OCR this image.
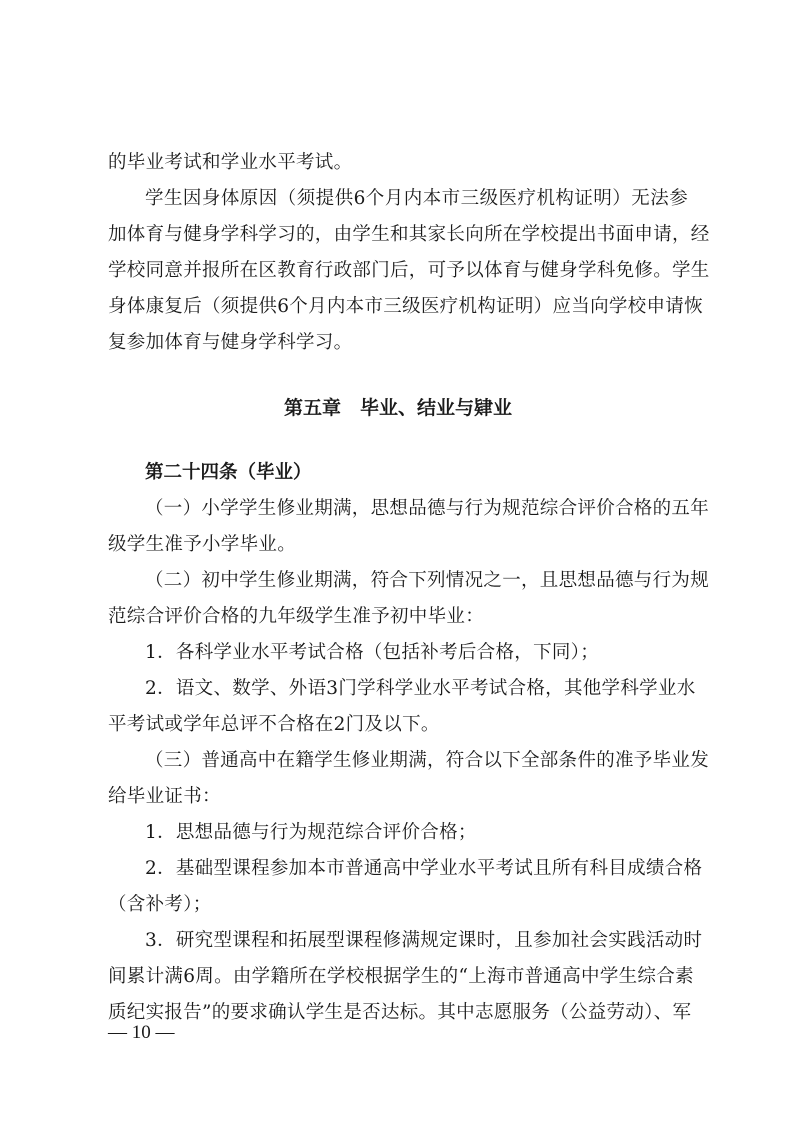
的毕业考试和学业水平考试。
学生因身体原因（须提供6个月内本市三级医疗机构证明）无法参
加体育与健身学科学习的，由学生和其家长向所在学校提出书面申请，经
学校同意并报所在区教育行政部门后，可予以体育与健身学科免修。学生
身体康复后（须提供6个月内本市三级医疗机构证明）应当向学校申请恢
复参加体育与健身学科学习。
第五章　毕业、结业与肄业
第二十四条（毕业）
（一）小学学生修业期满，思想品德与行为规范综合评价合格的五年
级学生准予小学毕业。
（二）初中学生修业期满，符合下列情况之一，且思想品德与行为规
范综合评价合格的九年级学生准予初中毕业：
1．各科学业水平考试合格（包括补考后合格，下同）；
2．语文、数学、外语3门学科学业水平考试合格，其他学科学业水
平考试或学年总评不合格在2门及以下。
（三）普通高中在籍学生修业期满，符合以下全部条件的准予毕业发
给毕业证书：
1．思想品德与行为规范综合评价合格；
2．基础型课程参加本市普通高中学业水平考试且所有科目成绩合格
（含补考）；
3．研究型课程和拓展型课程修满规定课时，且参加社会实践活动时
间累计满6周。由学籍所在学校根据学生的“上海市普通高中学生综合素
质纪实报告”的要求确认学生是否达标。其中志愿服务（公益劳动）、军
— 10 —
